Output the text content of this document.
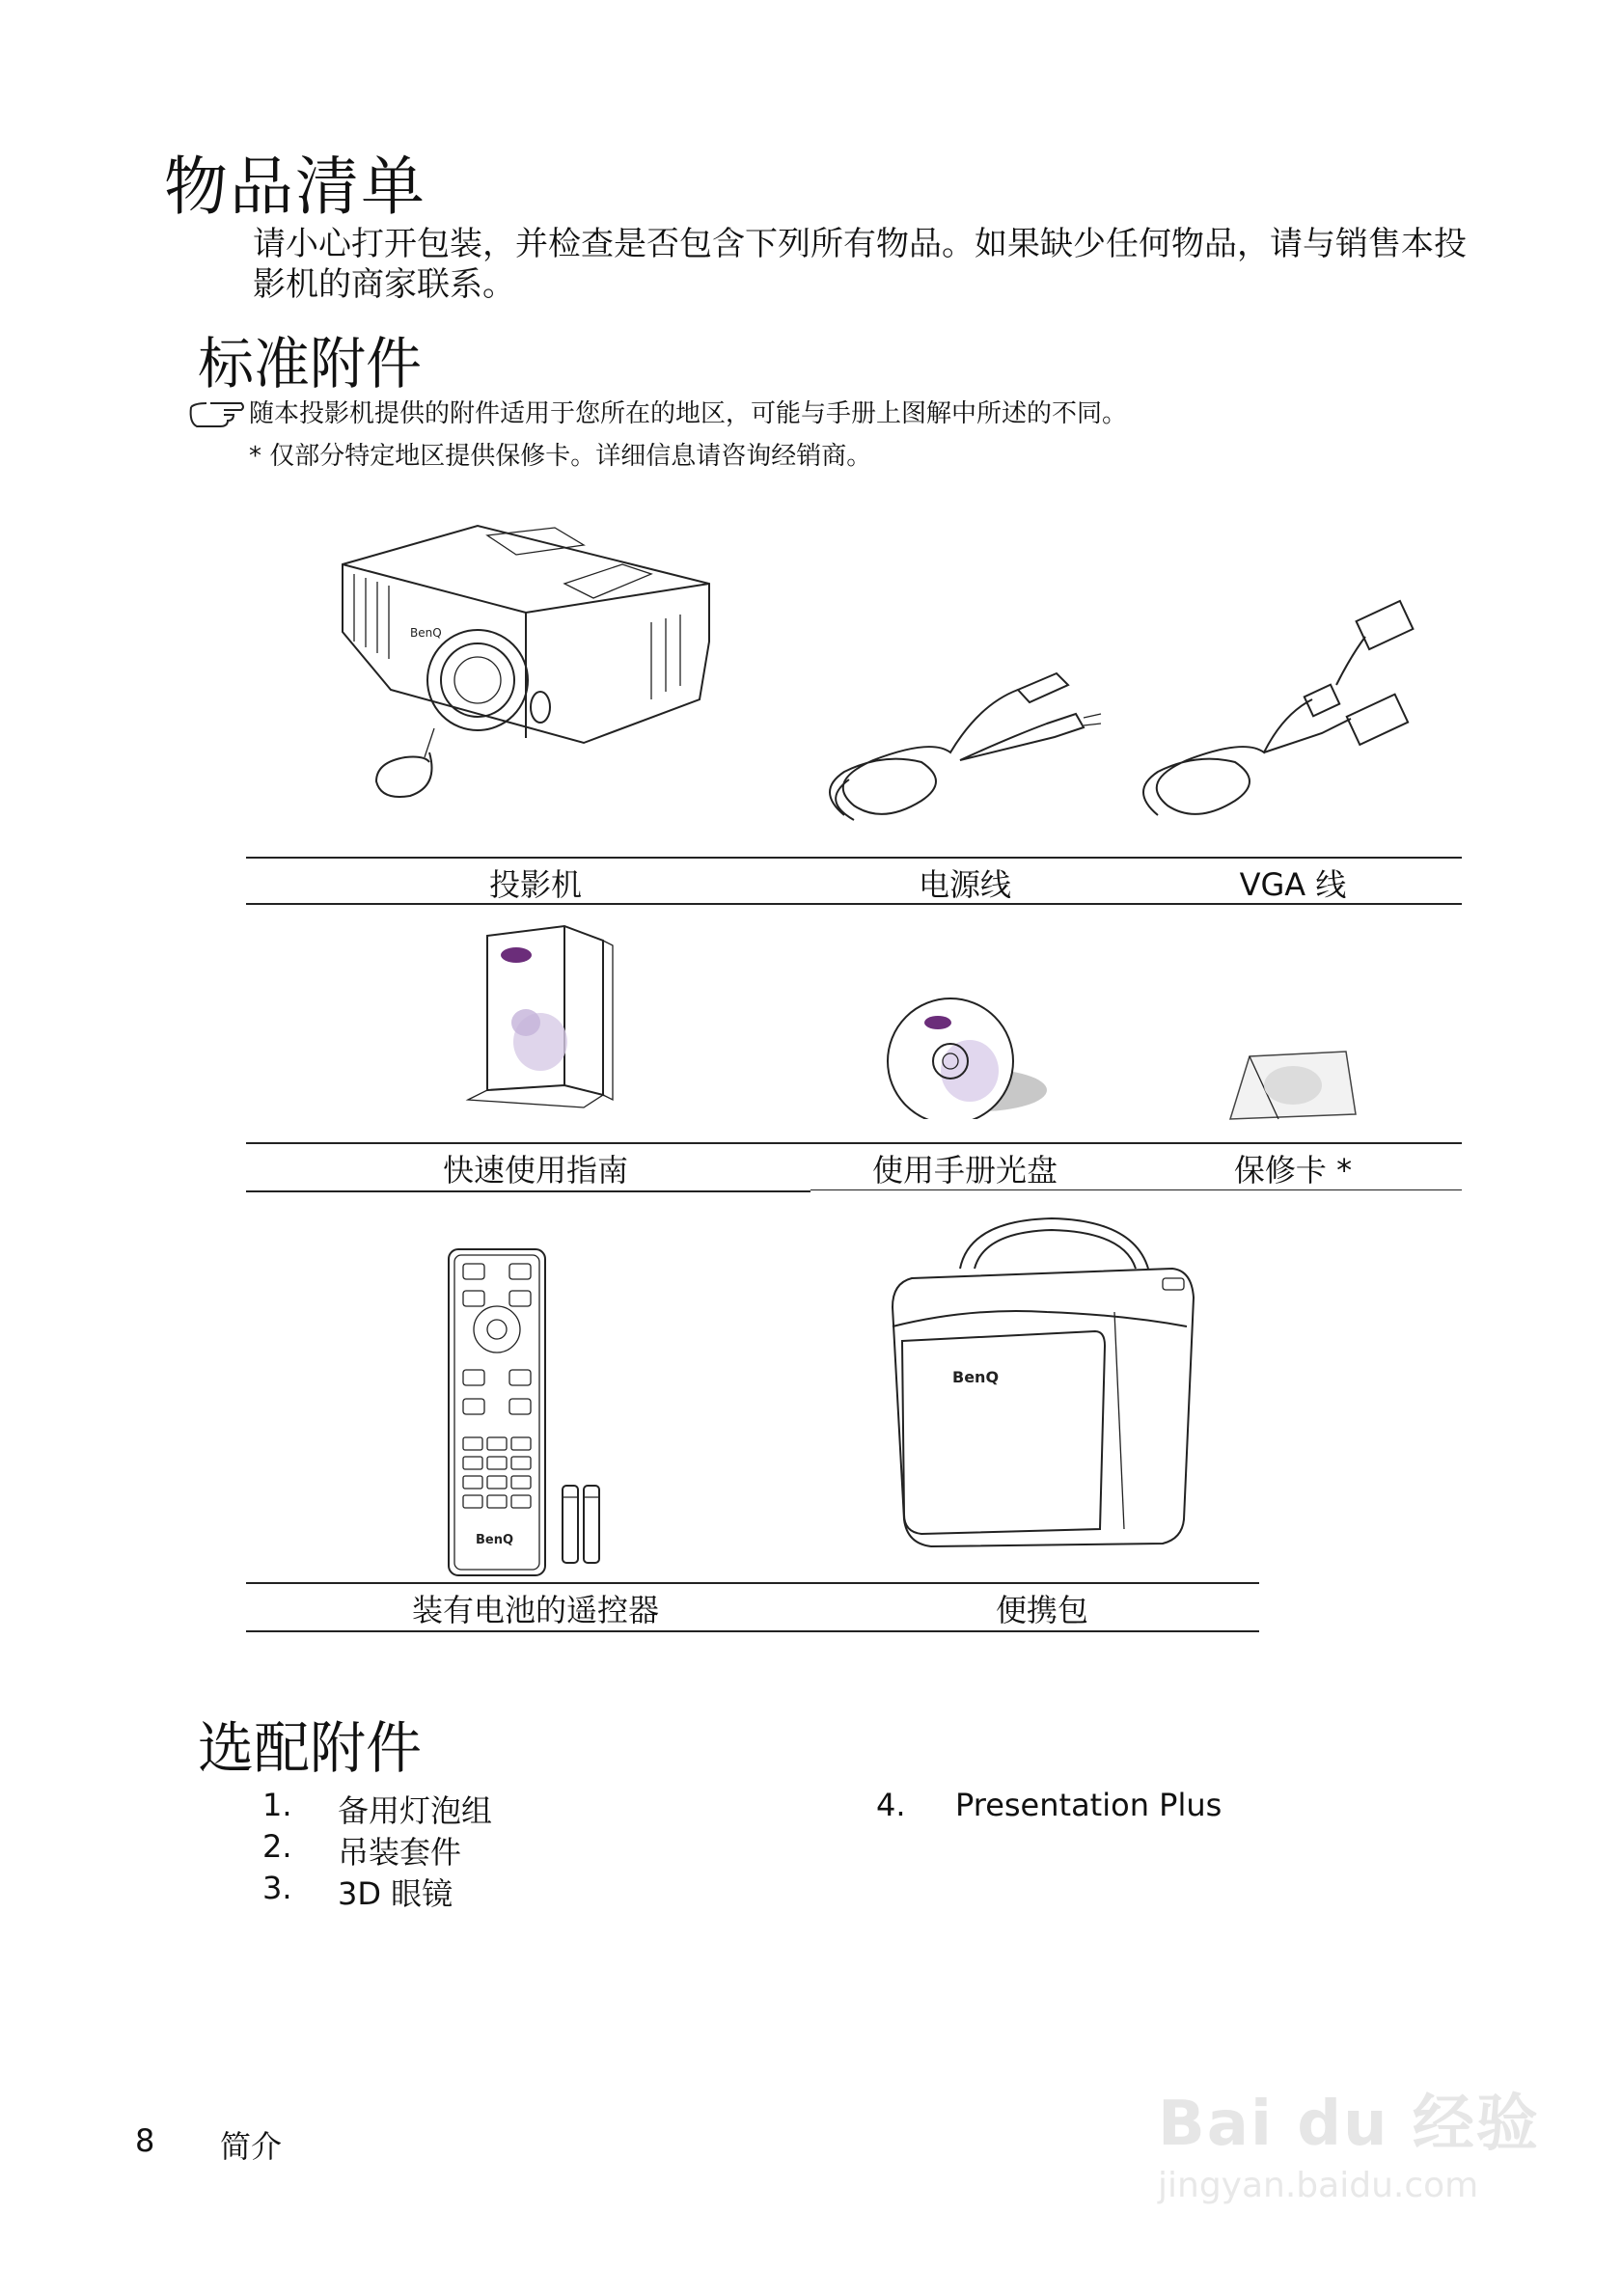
物品清单
请小心打开包装，并检查是否包含下列所有物品。如果缺少任何物品，请与销售本投影机的商家联系。
标准附件
随本投影机提供的附件适用于您所在的地区，可能与手册上图解中所述的不同。
* 仅部分特定地区提供保修卡。详细信息请咨询经销商。
BenQ
投影机	电源线	VGA 线
快速使用指南	使用手册光盘	保修卡 *
BenQ
BenQ
装有电池的遥控器	便携包
选配附件
1. 备用灯泡组
2. 吊装套件
3. 3D 眼镜
4. Presentation Plus
8 简介	Bai du 经验
jingyan.baidu.com
